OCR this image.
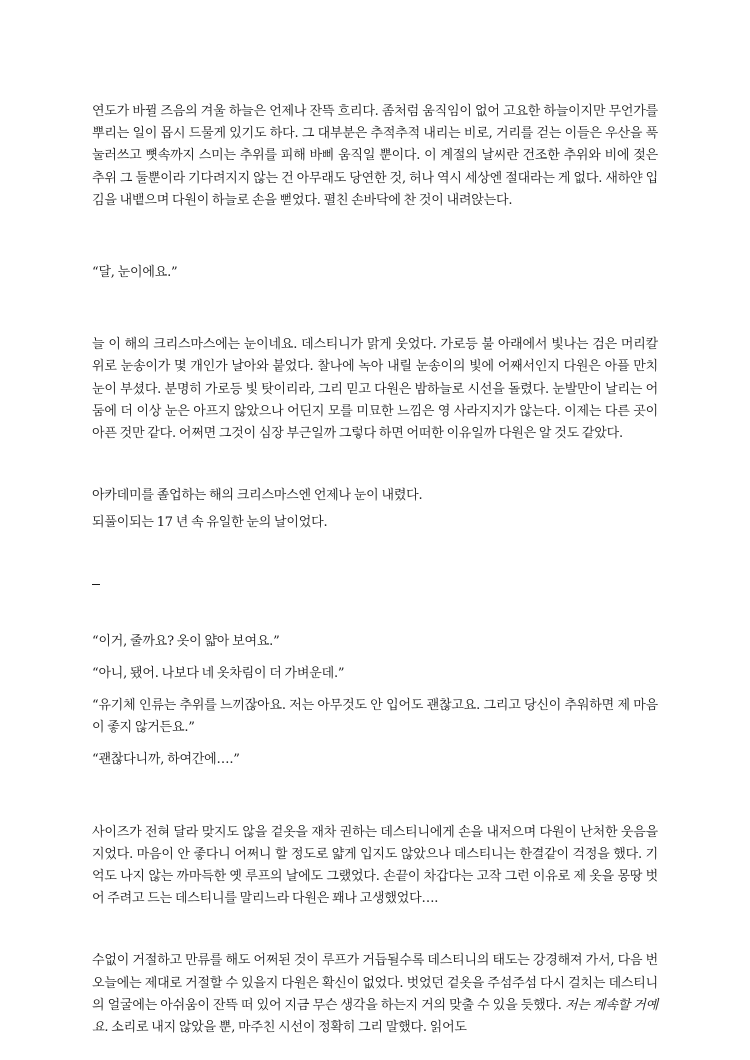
연도가 바뀔 즈음의 겨울 하늘은 언제나 잔뜩 흐리다. 좀처럼 움직임이 없어 고요한 하늘이지만 무언가를 뿌리는 일이 몹시 드물게 있기도 하다. 그 대부분은 추적추적 내리는 비로, 거리를 걷는 이들은 우산을 푹 눌러쓰고 뼛속까지 스미는 추위를 피해 바삐 움직일 뿐이다. 이 계절의 날씨란 건조한 추위와 비에 젖은 추위 그 둘뿐이라 기다려지지 않는 건 아무래도 당연한 것, 허나 역시 세상엔 절대라는 게 없다. 새하얀 입김을 내뱉으며 다원이 하늘로 손을 뻗었다. 펼친 손바닥에 찬 것이 내려앉는다.

“달, 눈이에요.”

늘 이 해의 크리스마스에는 눈이네요. 데스티니가 맑게 웃었다. 가로등 불 아래에서 빛나는 검은 머리칼 위로 눈송이가 몇 개인가 날아와 붙었다. 찰나에 녹아 내릴 눈송이의 빛에 어째서인지 다원은 아플 만치 눈이 부셨다. 분명히 가로등 빛 탓이리라, 그리 믿고 다원은 밤하늘로 시선을 돌렸다. 눈발만이 날리는 어둠에 더 이상 눈은 아프지 않았으나 어딘지 모를 미묘한 느낌은 영 사라지지가 않는다. 이제는 다른 곳이 아픈 것만 같다. 어쩌면 그것이 심장 부근일까 그렇다 하면 어떠한 이유일까 다원은 알 것도 같았다.

아카데미를 졸업하는 해의 크리스마스엔 언제나 눈이 내렸다.

되풀이되는 17 년 속 유일한 눈의 날이었다.

“이거, 줄까요? 옷이 얇아 보여요.”

“아니, 됐어. 나보다 네 옷차림이 더 가벼운데.”

“유기체 인류는 추위를 느끼잖아요. 저는 아무것도 안 입어도 괜찮고요. 그리고 당신이 추워하면 제 마음이 좋지 않거든요.”

“괜찮다니까, 하여간에….”

사이즈가 전혀 달라 맞지도 않을 겉옷을 재차 권하는 데스티니에게 손을 내저으며 다원이 난처한 웃음을 지었다. 마음이 안 좋다니 어쩌니 할 정도로 얇게 입지도 않았으나 데스티니는 한결같이 걱정을 했다. 기억도 나지 않는 까마득한 옛 루프의 날에도 그랬었다. 손끝이 차갑다는 고작 그런 이유로 제 옷을 몽땅 벗어 주려고 드는 데스티니를 말리느라 다원은 꽤나 고생했었다….

수없이 거절하고 만류를 해도 어쩌된 것이 루프가 거듭될수록 데스티니의 태도는 강경해져 가서, 다음 번 오늘에는 제대로 거절할 수 있을지 다원은 확신이 없었다. 벗었던 겉옷을 주섬주섬 다시 걸치는 데스티니의 얼굴에는 아쉬움이 잔뜩 떠 있어 지금 무슨 생각을 하는지 거의 맞출 수 있을 듯했다. 저는 계속할 거예요. 소리로 내지 않았을 뿐, 마주친 시선이 정확히 그리 말했다. 읽어도
